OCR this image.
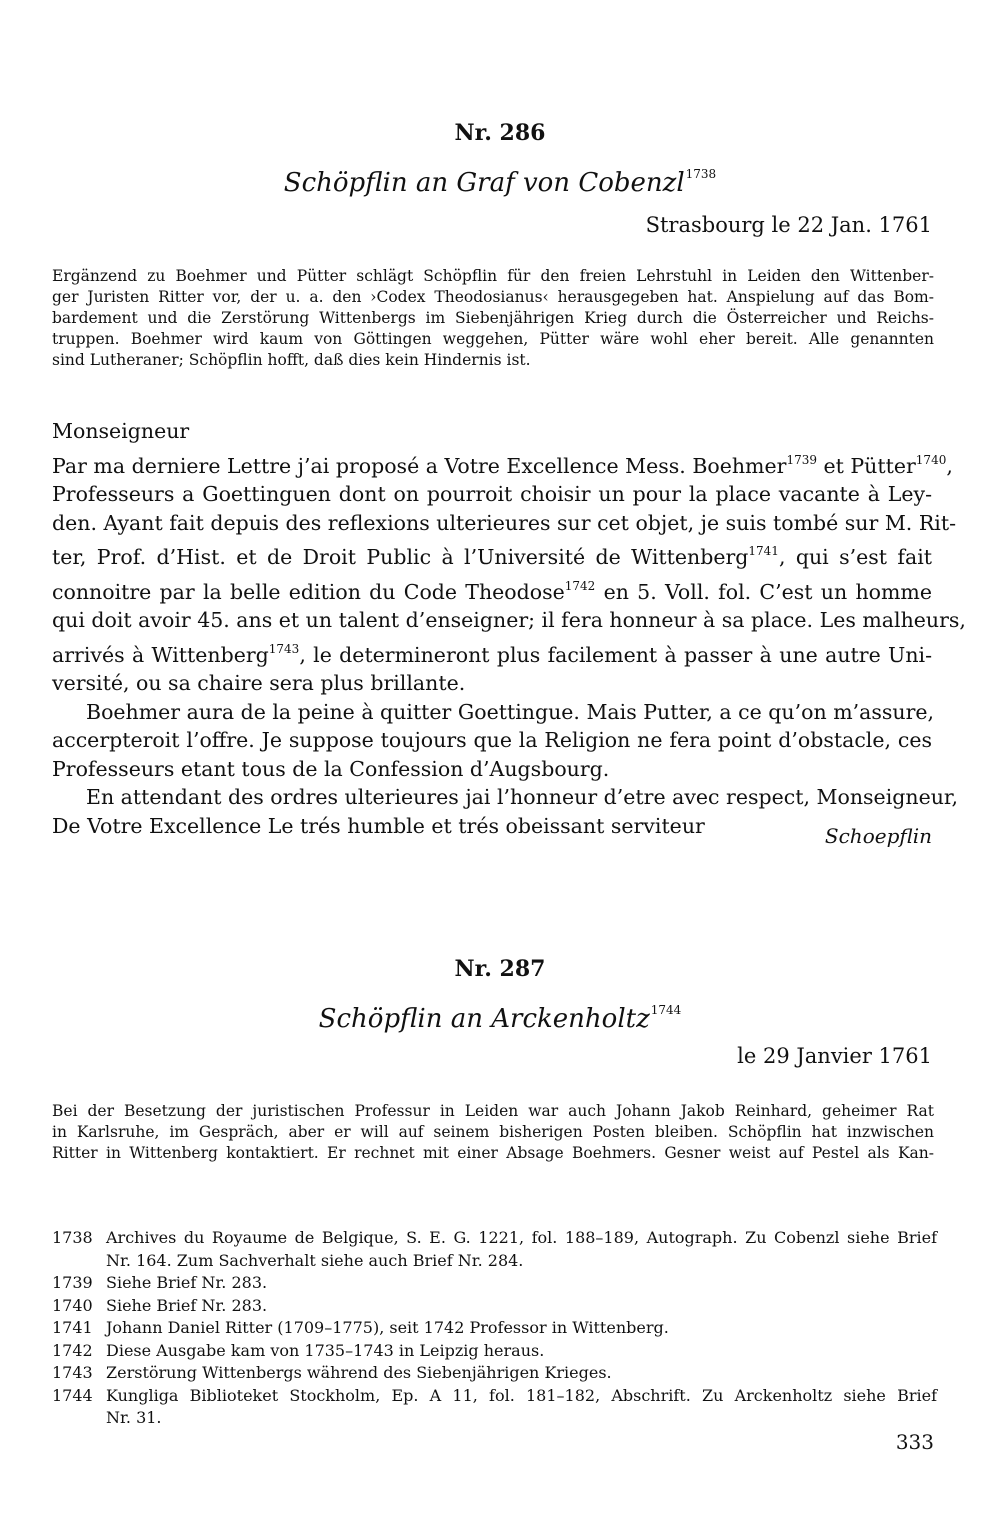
Nr. 286
Schöpflin an Graf von Cobenzl$^{1738}$
Strasbourg le 22 Jan. 1761
Ergänzend zu Boehmer und Pütter schlägt Schöpflin für den freien Lehrstuhl in Leiden den Wittenber-
ger Juristen Ritter vor, der u. a. den ›Codex Theodosianus‹ herausgegeben hat. Anspielung auf das Bom-
bardement und die Zerstörung Wittenbergs im Siebenjährigen Krieg durch die Österreicher und Reichs-
truppen. Boehmer wird kaum von Göttingen weggehen, Pütter wäre wohl eher bereit. Alle genannten
sind Lutheraner; Schöpflin hofft, daß dies kein Hindernis ist.
Monseigneur
Par ma derniere Lettre j’ai proposé a Votre Excellence Mess. Boehmer$^{1739}$ et Pütter$^{1740}$,
Professeurs a Goettinguen dont on pourroit choisir un pour la place vacante à Ley-
den. Ayant fait depuis des reflexions ulterieures sur cet objet, je suis tombé sur M. Rit-
ter, Prof. d’Hist. et de Droit Public à l’Université de Wittenberg$^{1741}$, qui s’est fait
connoitre par la belle edition du Code Theodose$^{1742}$ en 5. Voll. fol. C’est un homme
qui doit avoir 45. ans et un talent d’enseigner; il fera honneur à sa place. Les malheurs,
arrivés à Wittenberg$^{1743}$, le determineront plus facilement à passer à une autre Uni-
versité, ou sa chaire sera plus brillante.
Boehmer aura de la peine à quitter Goettingue. Mais Putter, a ce qu’on m’assure,
accerpteroit l’offre. Je suppose toujours que la Religion ne fera point d’obstacle, ces
Professeurs etant tous de la Confession d’Augsbourg.
En attendant des ordres ulterieures jai l’honneur d’etre avec respect, Monseigneur,
De Votre Excellence Le trés humble et trés obeissant serviteur	Schoepflin
Nr. 287
Schöpflin an Arckenholtz$^{1744}$
le 29 Janvier 1761
Bei der Besetzung der juristischen Professur in Leiden war auch Johann Jakob Reinhard, geheimer Rat
in Karlsruhe, im Gespräch, aber er will auf seinem bisherigen Posten bleiben. Schöpflin hat inzwischen
Ritter in Wittenberg kontaktiert. Er rechnet mit einer Absage Boehmers. Gesner weist auf Pestel als Kan-
1738 Archives du Royaume de Belgique, S. E. G. 1221, fol. 188–189, Autograph. Zu Cobenzl siehe Brief
Nr. 164. Zum Sachverhalt siehe auch Brief Nr. 284.
1739 Siehe Brief Nr. 283.
1740 Siehe Brief Nr. 283.
1741 Johann Daniel Ritter (1709–1775), seit 1742 Professor in Wittenberg.
1742 Diese Ausgabe kam von 1735–1743 in Leipzig heraus.
1743 Zerstörung Wittenbergs während des Siebenjährigen Krieges.
1744 Kungliga Biblioteket Stockholm, Ep. A 11, fol. 181–182, Abschrift. Zu Arckenholtz siehe Brief
Nr. 31.
333
